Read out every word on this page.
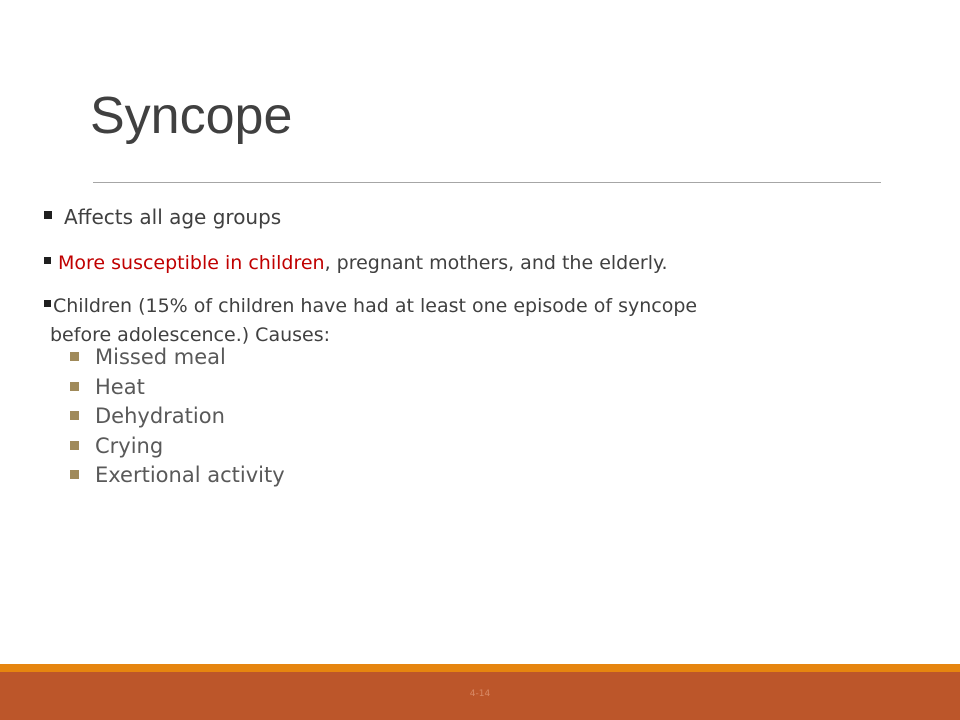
Syncope
Affects all age groups
More susceptible in children, pregnant mothers, and the elderly.
Children (15% of children have had at least one episode of syncope
before adolescence.) Causes:
Missed meal
Heat
Dehydration
Crying
Exertional activity
4-14
